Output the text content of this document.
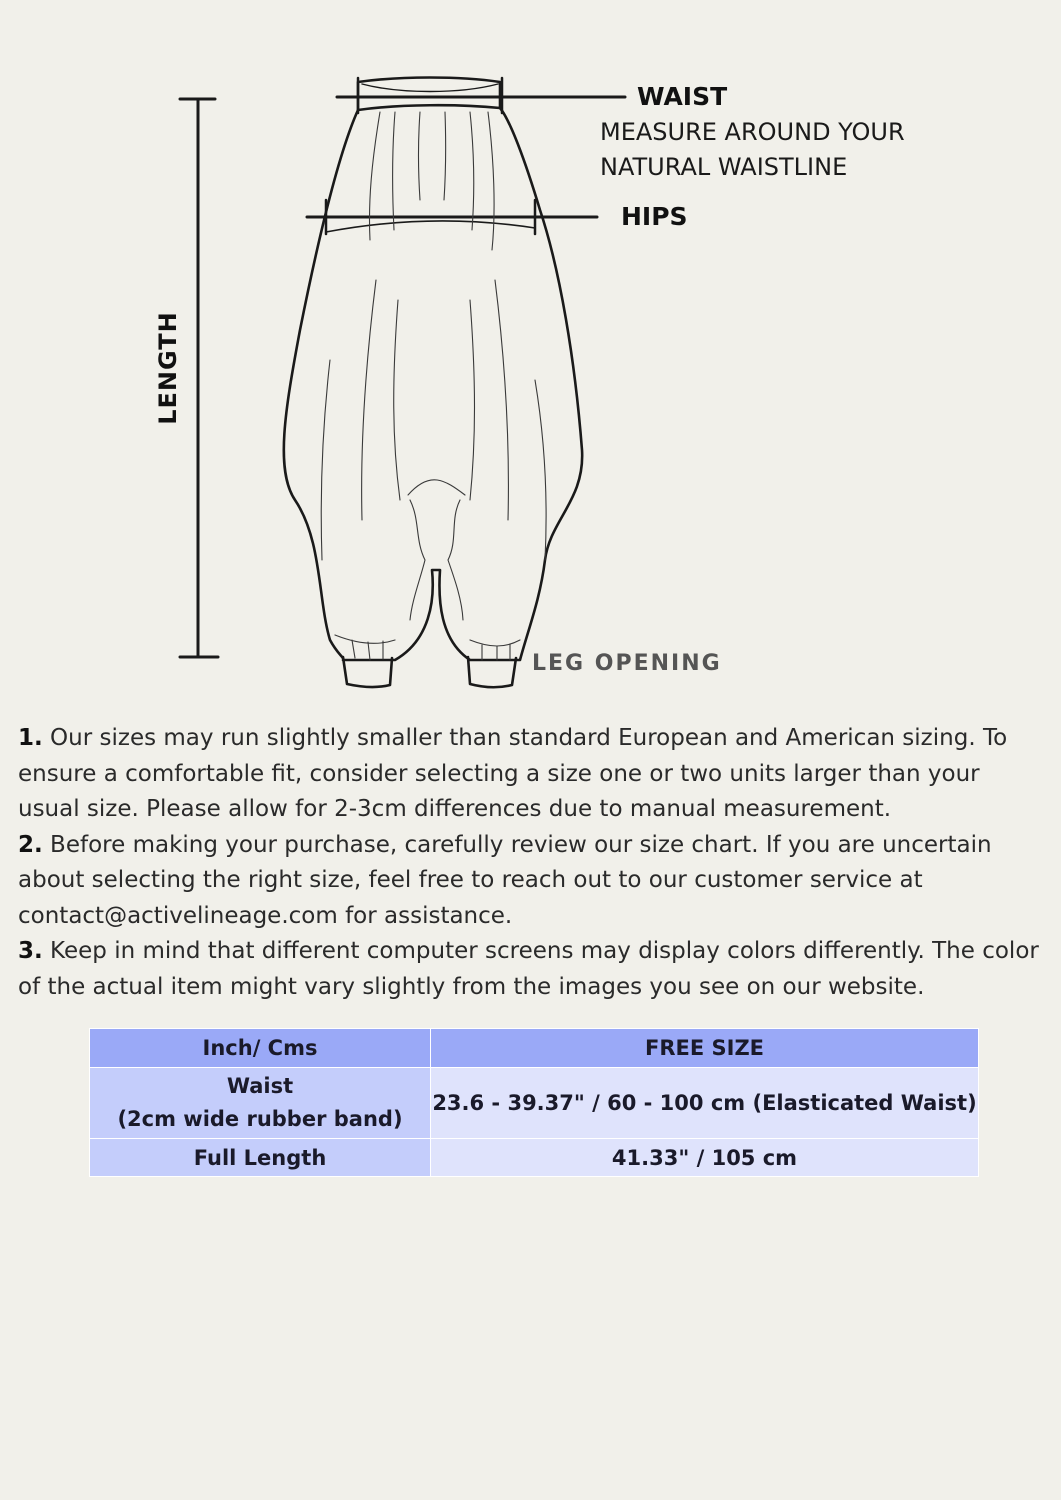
WAIST
MEASURE AROUND YOUR
NATURAL WAISTLINE
HIPS
LENGTH
LEG OPENING

1. Our sizes may run slightly smaller than standard European and American sizing. To ensure a comfortable fit, consider selecting a size one or two units larger than your usual size. Please allow for 2-3cm differences due to manual measurement.

2. Before making your purchase, carefully review our size chart. If you are uncertain about selecting the right size, feel free to reach out to our customer service at contact@activelineage.com for assistance.

3. Keep in mind that different computer screens may display colors differently. The color of the actual item might vary slightly from the images you see on our website.

Inch/ Cms	FREE SIZE

Waist
(2cm wide rubber band)	23.6 - 39.37" / 60 - 100 cm (Elasticated Waist)
Full Length	41.33" / 105 cm
